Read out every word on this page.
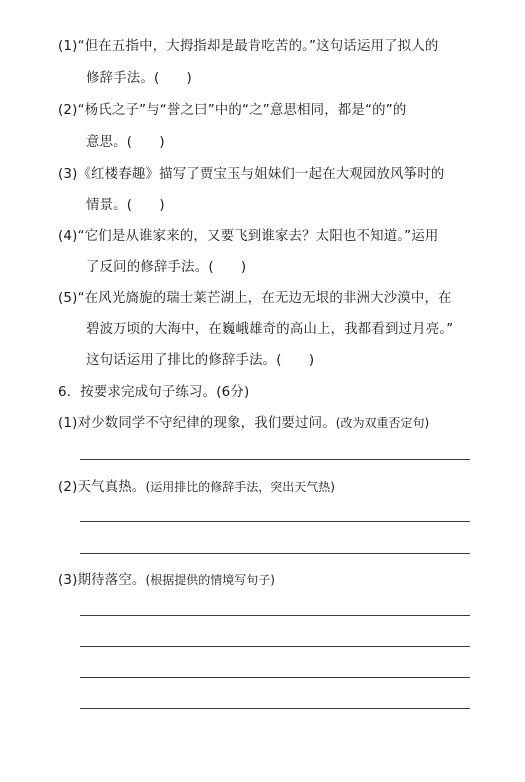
(1)“但在五指中，大拇指却是最肯吃苦的。”这句话运用了拟人的
修辞手法。(　　)
(2)“杨氏之子”与“誉之曰”中的“之”意思相同，都是“的”的
意思。(　　)
(3)《红楼春趣》描写了贾宝玉与姐妹们一起在大观园放风筝时的
情景。(　　)
(4)“它们是从谁家来的，又要飞到谁家去？太阳也不知道。”运用
了反问的修辞手法。(　　)
(5)“在风光旖旎的瑞士莱芒湖上，在无边无垠的非洲大沙漠中，在
碧波万顷的大海中，在巍峨雄奇的高山上，我都看到过月亮。”
这句话运用了排比的修辞手法。(　　)
6．按要求完成句子练习。(6分)
(1)对少数同学不守纪律的现象，我们要过问。(改为双重否定句)
(2)天气真热。(运用排比的修辞手法，突出天气热)
(3)期待落空。(根据提供的情境写句子)
